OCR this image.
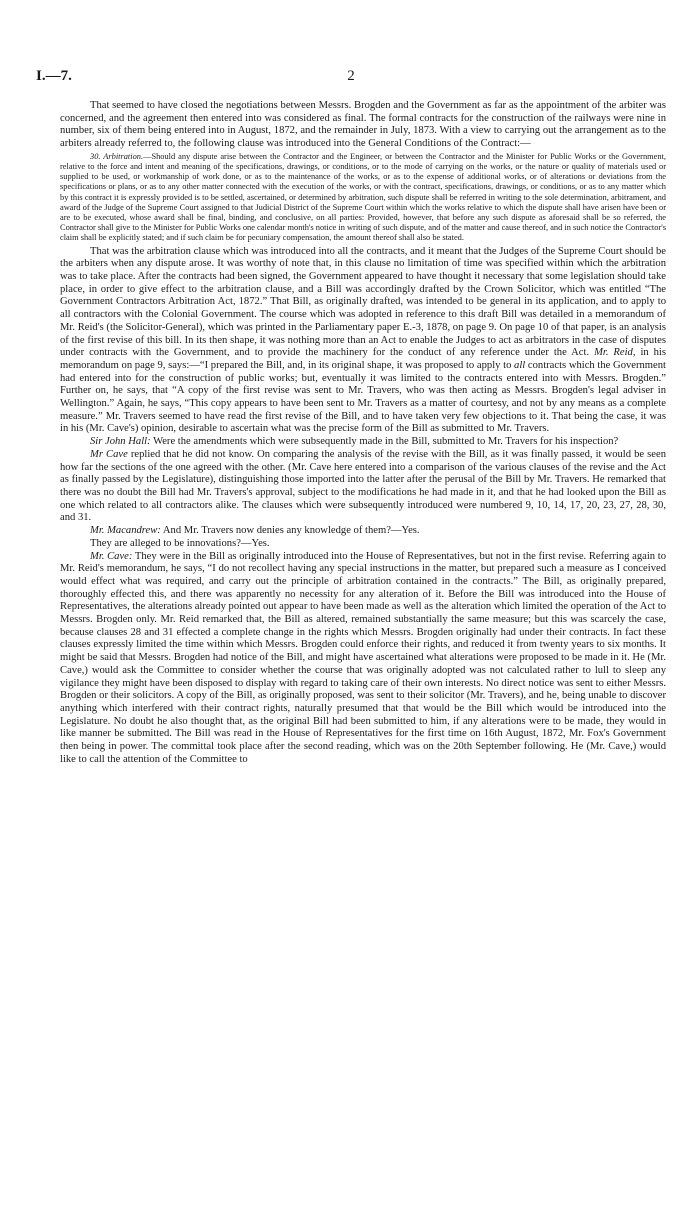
I.—7.	2

That seemed to have closed the negotiations between Messrs. Brogden and the Government as far as the appointment of the arbiter was concerned, and the agreement then entered into was considered as final. The formal contracts for the construction of the railways were nine in number, six of them being entered into in August, 1872, and the remainder in July, 1873. With a view to carrying out the arrangement as to the arbiters already referred to, the following clause was introduced into the General Conditions of the Contract:—

30. Arbitration.—Should any dispute arise between the Contractor and the Engineer, or between the Contractor and the Minister for Public Works or the Government, relative to the force and intent and meaning of the specifications, drawings, or conditions, or to the mode of carrying on the works, or the nature or quality of materials used or supplied to be used, or workmanship of work done, or as to the maintenance of the works, or as to the expense of additional works, or of alterations or deviations from the specifications or plans, or as to any other matter connected with the execution of the works, or with the contract, specifications, drawings, or conditions, or as to any matter which by this contract it is expressly provided is to be settled, ascertained, or determined by arbitration, such dispute shall be referred in writing to the sole determination, arbitrament, and award of the Judge of the Supreme Court assigned to that Judicial District of the Supreme Court within which the works relative to which the dispute shall have arisen have been or are to be executed, whose award shall be final, binding, and conclusive, on all parties: Provided, however, that before any such dispute as aforesaid shall be so referred, the Contractor shall give to the Minister for Public Works one calendar month's notice in writing of such dispute, and of the matter and cause thereof, and in such notice the Contractor's claim shall be explicitly stated; and if such claim be for pecuniary compensation, the amount thereof shall also be stated.

That was the arbitration clause which was introduced into all the contracts, and it meant that the Judges of the Supreme Court should be the arbiters when any dispute arose. It was worthy of note that, in this clause no limitation of time was specified within which the arbitration was to take place. After the contracts had been signed, the Government appeared to have thought it necessary that some legislation should take place, in order to give effect to the arbitration clause, and a Bill was accordingly drafted by the Crown Solicitor, which was entitled “The Government Contractors Arbitration Act, 1872.” That Bill, as originally drafted, was intended to be general in its application, and to apply to all contractors with the Colonial Government. The course which was adopted in reference to this draft Bill was detailed in a memorandum of Mr. Reid's (the Solicitor-General), which was printed in the Parliamentary paper E.-3, 1878, on page 9. On page 10 of that paper, is an analysis of the first revise of this bill. In its then shape, it was nothing more than an Act to enable the Judges to act as arbitrators in the case of disputes under contracts with the Government, and to provide the machinery for the conduct of any reference under the Act. Mr. Reid, in his memorandum on page 9, says:—“I prepared the Bill, and, in its original shape, it was proposed to apply to all contracts which the Government had entered into for the construction of public works; but, eventually it was limited to the contracts entered into with Messrs. Brogden.” Further on, he says, that “A copy of the first revise was sent to Mr. Travers, who was then acting as Messrs. Brogden's legal adviser in Wellington.” Again, he says, “This copy appears to have been sent to Mr. Travers as a matter of courtesy, and not by any means as a complete measure.” Mr. Travers seemed to have read the first revise of the Bill, and to have taken very few objections to it. That being the case, it was in his (Mr. Cave's) opinion, desirable to ascertain what was the precise form of the Bill as submitted to Mr. Travers.

Sir John Hall: Were the amendments which were subsequently made in the Bill, submitted to Mr. Travers for his inspection?

Mr Cave replied that he did not know. On comparing the analysis of the revise with the Bill, as it was finally passed, it would be seen how far the sections of the one agreed with the other. (Mr. Cave here entered into a comparison of the various clauses of the revise and the Act as finally passed by the Legislature), distinguishing those imported into the latter after the perusal of the Bill by Mr. Travers. He remarked that there was no doubt the Bill had Mr. Travers's approval, subject to the modifications he had made in it, and that he had looked upon the Bill as one which related to all contractors alike. The clauses which were subsequently introduced were numbered 9, 10, 14, 17, 20, 23, 27, 28, 30, and 31.

Mr. Macandrew: And Mr. Travers now denies any knowledge of them?—Yes.

They are alleged to be innovations?—Yes.

Mr. Cave: They were in the Bill as originally introduced into the House of Representatives, but not in the first revise. Referring again to Mr. Reid's memorandum, he says, “I do not recollect having any special instructions in the matter, but prepared such a measure as I conceived would effect what was required, and carry out the principle of arbitration contained in the contracts.” The Bill, as originally prepared, thoroughly effected this, and there was apparently no necessity for any alteration of it. Before the Bill was introduced into the House of Representatives, the alterations already pointed out appear to have been made as well as the alteration which limited the operation of the Act to Messrs. Brogden only. Mr. Reid remarked that, the Bill as altered, remained substantially the same measure; but this was scarcely the case, because clauses 28 and 31 effected a complete change in the rights which Messrs. Brogden originally had under their contracts. In fact these clauses expressly limited the time within which Messrs. Brogden could enforce their rights, and reduced it from twenty years to six months. It might be said that Messrs. Brogden had notice of the Bill, and might have ascertained what alterations were proposed to be made in it. He (Mr. Cave,) would ask the Committee to consider whether the course that was originally adopted was not calculated rather to lull to sleep any vigilance they might have been disposed to display with regard to taking care of their own interests. No direct notice was sent to either Messrs. Brogden or their solicitors. A copy of the Bill, as originally proposed, was sent to their solicitor (Mr. Travers), and he, being unable to discover anything which interfered with their contract rights, naturally presumed that that would be the Bill which would be introduced into the Legislature. No doubt he also thought that, as the original Bill had been submitted to him, if any alterations were to be made, they would in like manner be submitted. The Bill was read in the House of Representatives for the first time on 16th August, 1872, Mr. Fox's Government then being in power. The committal took place after the second reading, which was on the 20th September following. He (Mr. Cave,) would like to call the attention of the Committee to
